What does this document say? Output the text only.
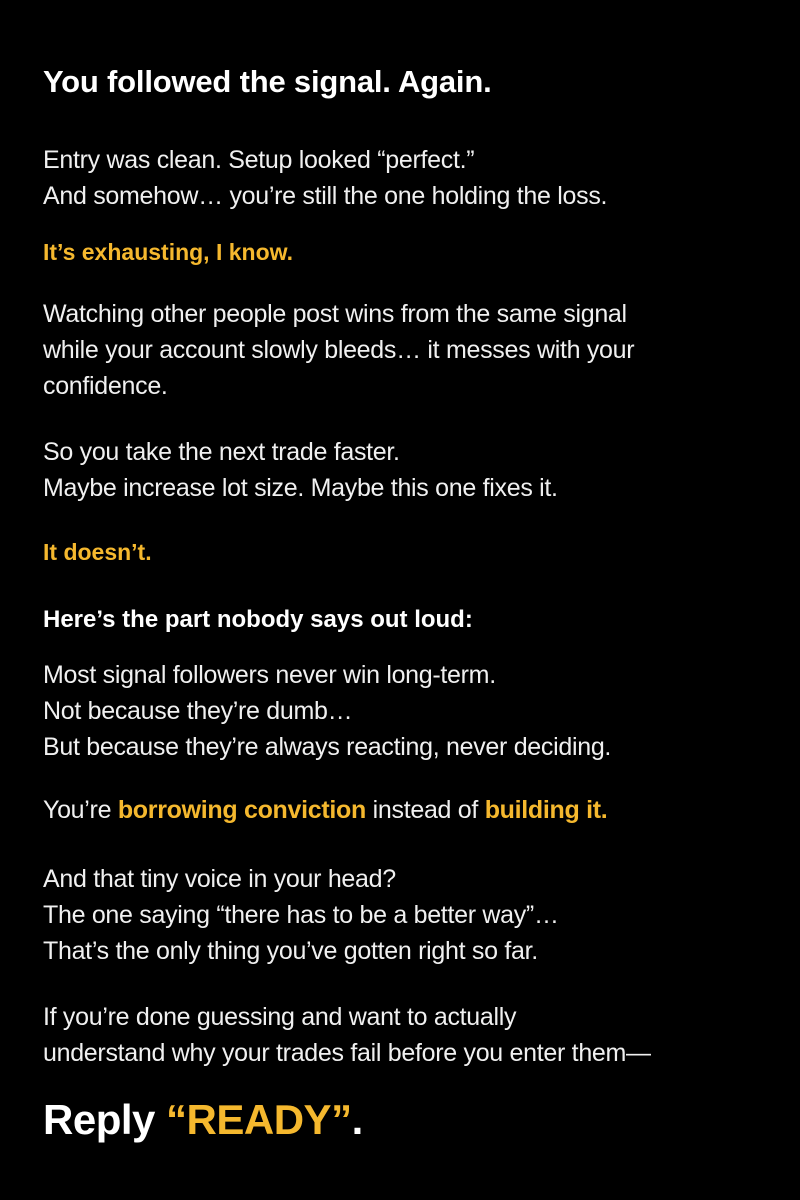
You followed the signal. Again.

Entry was clean. Setup looked “perfect.”
And somehow… you’re still the one holding the loss.

It’s exhausting, I know.

Watching other people post wins from the same signal
while your account slowly bleeds… it messes with your
confidence.

So you take the next trade faster.
Maybe increase lot size. Maybe this one fixes it.

It doesn’t.

Here’s the part nobody says out loud:

Most signal followers never win long-term.
Not because they’re dumb…
But because they’re always reacting, never deciding.

You’re borrowing conviction instead of building it.

And that tiny voice in your head?
The one saying “there has to be a better way”…
That’s the only thing you’ve gotten right so far.

If you’re done guessing and want to actually
understand why your trades fail before you enter them—

Reply “READY”.
